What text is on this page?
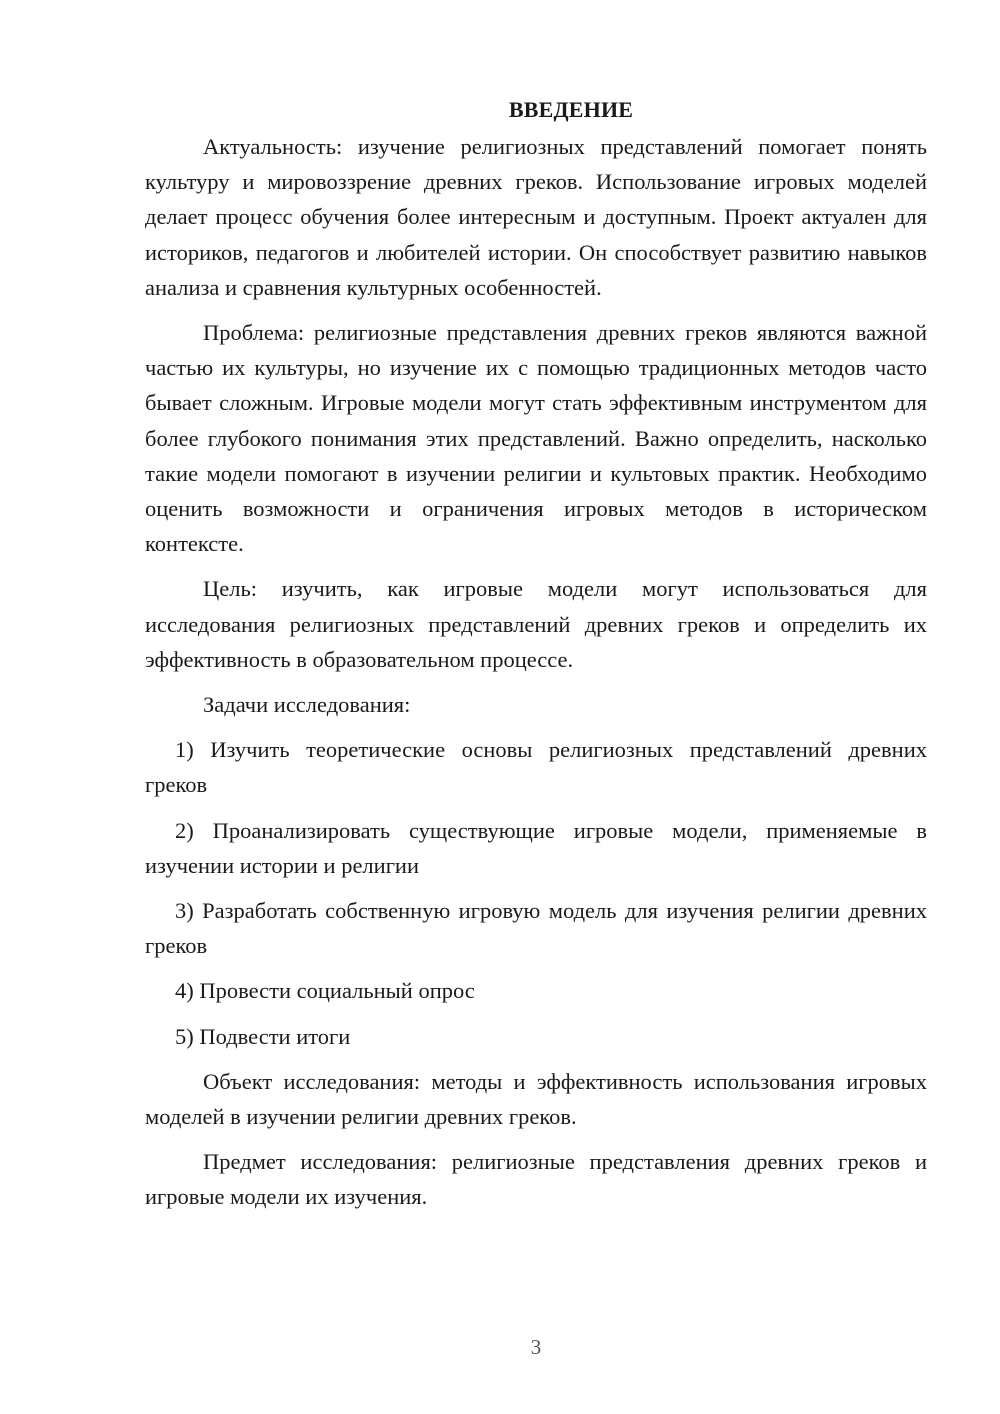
ВВЕДЕНИЕ

Актуальность: изучение религиозных представлений помогает понять культуру и мировоззрение древних греков. Использование игровых моделей делает процесс обучения более интересным и доступным. Проект актуален для историков, педагогов и любителей истории. Он способствует развитию навыков анализа и сравнения культурных особенностей.

Проблема: религиозные представления древних греков являются важной частью их культуры, но изучение их с помощью традиционных методов часто бывает сложным. Игровые модели могут стать эффективным инструментом для более глубокого понимания этих представлений. Важно определить, насколько такие модели помогают в изучении религии и культовых практик. Необходимо оценить возможности и ограничения игровых методов в историческом контексте.

Цель: изучить, как игровые модели могут использоваться для исследования религиозных представлений древних греков и определить их эффективность в образовательном процессе.

Задачи исследования:

1) Изучить теоретические основы религиозных представлений древних греков

2) Проанализировать существующие игровые модели, применяемые в изучении истории и религии

3) Разработать собственную игровую модель для изучения религии древних греков

4) Провести социальный опрос

5) Подвести итоги

Объект исследования: методы и эффективность использования игровых моделей в изучении религии древних греков.

Предмет исследования: религиозные представления древних греков и игровые модели их изучения.

3
